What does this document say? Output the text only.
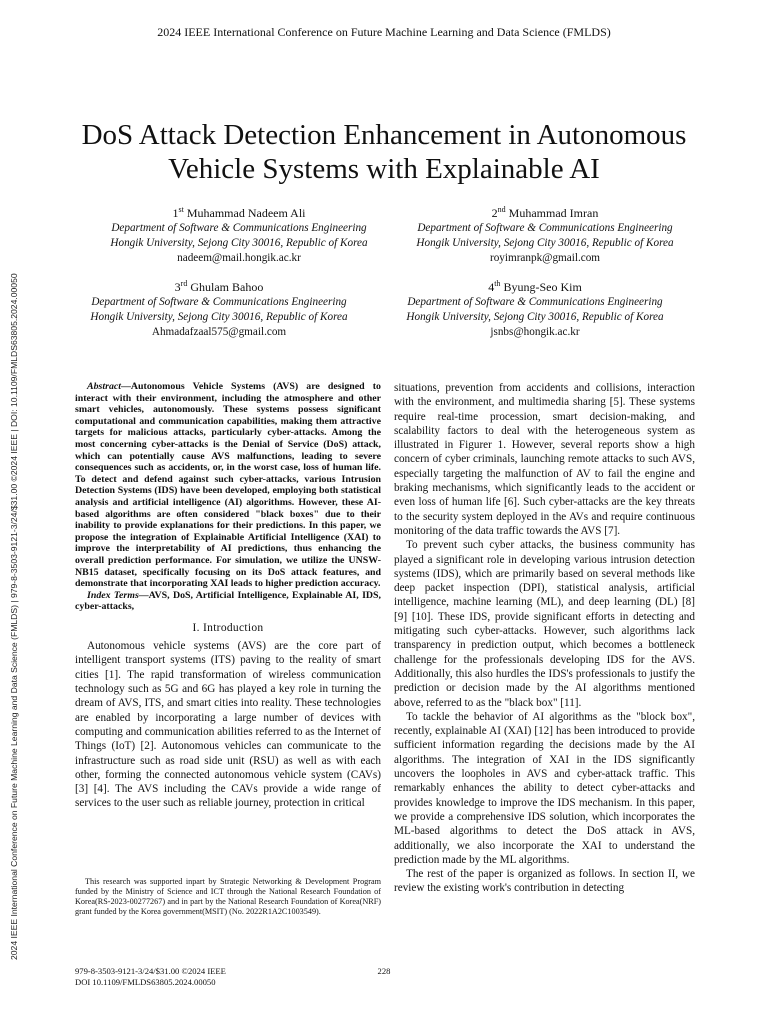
2024 IEEE International Conference on Future Machine Learning and Data Science (FMLDS)
2024 IEEE International Conference on Future Machine Learning and Data Science (FMLDS) | 979-8-3503-9121-3/24/$31.00 ©2024 IEEE | DOI: 10.1109/FMLDS63805.2024.00050
DoS Attack Detection Enhancement in Autonomous Vehicle Systems with Explainable AI
1st Muhammad Nadeem Ali
Department of Software & Communications Engineering
Hongik University, Sejong City 30016, Republic of Korea
nadeem@mail.hongik.ac.kr
2nd Muhammad Imran
Department of Software & Communications Engineering
Hongik University, Sejong City 30016, Republic of Korea
royimranpk@gmail.com
3rd Ghulam Bahoo
Department of Software & Communications Engineering
Hongik University, Sejong City 30016, Republic of Korea
Ahmadafzaal575@gmail.com
4th Byung-Seo Kim
Department of Software & Communications Engineering
Hongik University, Sejong City 30016, Republic of Korea
jsnbs@hongik.ac.kr

Abstract—Autonomous Vehicle Systems (AVS) are designed to interact with their environment, including the atmosphere and other smart vehicles, autonomously. These systems possess significant computational and communication capabilities, making them attractive targets for malicious attacks, particularly cyber-attacks. Among the most concerning cyber-attacks is the Denial of Service (DoS) attack, which can potentially cause AVS malfunctions, leading to severe consequences such as accidents, or, in the worst case, loss of human life. To detect and defend against such cyber-attacks, various Intrusion Detection Systems (IDS) have been developed, employing both statistical analysis and artificial intelligence (AI) algorithms. However, these AI-based algorithms are often considered "black boxes" due to their inability to provide explanations for their predictions. In this paper, we propose the integration of Explainable Artificial Intelligence (XAI) to improve the interpretability of AI predictions, thus enhancing the overall prediction performance. For simulation, we utilize the UNSW-NB15 dataset, specifically focusing on its DoS attack features, and demonstrate that incorporating XAI leads to higher prediction accuracy.

Index Terms—AVS, DoS, Artificial Intelligence, Explainable AI, IDS, cyber-attacks,

I. Introduction

Autonomous vehicle systems (AVS) are the core part of intelligent transport systems (ITS) paving to the reality of smart cities [1]. The rapid transformation of wireless communication technology such as 5G and 6G has played a key role in turning the dream of AVS, ITS, and smart cities into reality. These technologies are enabled by incorporating a large number of devices with computing and communication abilities referred to as the Internet of Things (IoT) [2]. Autonomous vehicles can communicate to the infrastructure such as road side unit (RSU) as well as with each other, forming the connected autonomous vehicle system (CAVs) [3] [4]. The AVS including the CAVs provide a wide range of services to the user such as reliable journey, protection in critical

This research was supported inpart by Strategic Networking & Development Program funded by the Ministry of Science and ICT through the National Research Foundation of Korea(RS-2023-00277267) and in part by the National Research Foundation of Korea(NRF) grant funded by the Korea government(MSIT) (No. 2022R1A2C1003549).

situations, prevention from accidents and collisions, interaction with the environment, and multimedia sharing [5]. These systems require real-time procession, smart decision-making, and scalability factors to deal with the heterogeneous system as illustrated in Figurer 1. However, several reports show a high concern of cyber criminals, launching remote attacks to such AVS, especially targeting the malfunction of AV to fail the engine and braking mechanisms, which significantly leads to the accident or even loss of human life [6]. Such cyber-attacks are the key threats to the security system deployed in the AVs and require continuous monitoring of the data traffic towards the AVS [7].

To prevent such cyber attacks, the business community has played a significant role in developing various intrusion detection systems (IDS), which are primarily based on several methods like deep packet inspection (DPI), statistical analysis, artificial intelligence, machine learning (ML), and deep learning (DL) [8] [9] [10]. These IDS, provide significant efforts in detecting and mitigating such cyber-attacks. However, such algorithms lack transparency in prediction output, which becomes a bottleneck challenge for the professionals developing IDS for the AVS. Additionally, this also hurdles the IDS's professionals to justify the prediction or decision made by the AI algorithms mentioned above, referred to as the "black box" [11].

To tackle the behavior of AI algorithms as the "block box", recently, explainable AI (XAI) [12] has been introduced to provide sufficient information regarding the decisions made by the AI algorithms. The integration of XAI in the IDS significantly uncovers the loopholes in AVS and cyber-attack traffic. This remarkably enhances the ability to detect cyber-attacks and provides knowledge to improve the IDS mechanism. In this paper, we provide a comprehensive IDS solution, which incorporates the ML-based algorithms to detect the DoS attack in AVS, additionally, we also incorporate the XAI to understand the prediction made by the ML algorithms.

The rest of the paper is organized as follows. In section II, we review the existing work's contribution in detecting

979-8-3503-9121-3/24/$31.00 ©2024 IEEE
DOI 10.1109/FMLDS63805.2024.00050
228
